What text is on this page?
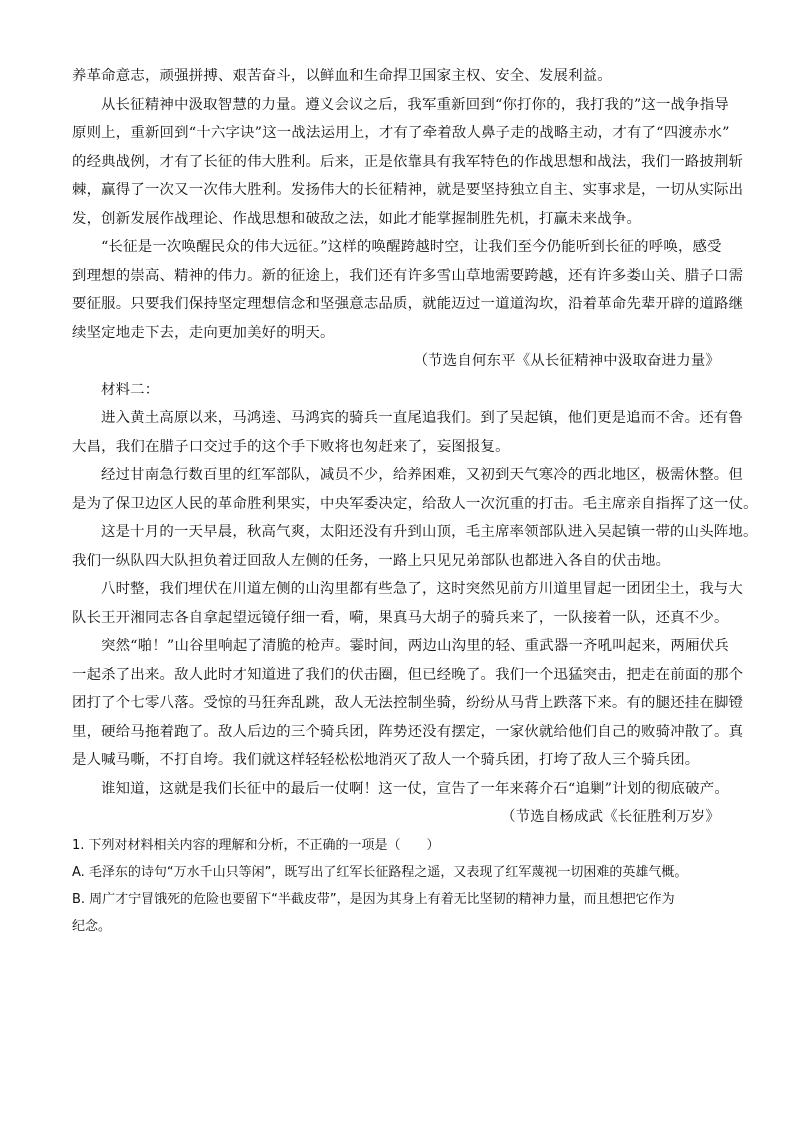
养革命意志，顽强拼搏、艰苦奋斗，以鲜血和生命捍卫国家主权、安全、发展利益。
从长征精神中汲取智慧的力量。遵义会议之后，我军重新回到“你打你的，我打我的”这一战争指导
原则上，重新回到“十六字诀”这一战法运用上，才有了牵着敌人鼻子走的战略主动，才有了“四渡赤水”
的经典战例，才有了长征的伟大胜利。后来，正是依靠具有我军特色的作战思想和战法，我们一路披荆斩
棘，赢得了一次又一次伟大胜利。发扬伟大的长征精神，就是要坚持独立自主、实事求是，一切从实际出
发，创新发展作战理论、作战思想和破敌之法，如此才能掌握制胜先机，打赢未来战争。
“长征是一次唤醒民众的伟大远征。”这样的唤醒跨越时空，让我们至今仍能听到长征的呼唤，感受
到理想的崇高、精神的伟力。新的征途上，我们还有许多雪山草地需要跨越，还有许多娄山关、腊子口需
要征服。只要我们保持坚定理想信念和坚强意志品质，就能迈过一道道沟坎，沿着革命先辈开辟的道路继
续坚定地走下去，走向更加美好的明天。
（节选自何东平《从长征精神中汲取奋进力量》
材料二：
进入黄土高原以来，马鸿逵、马鸿宾的骑兵一直尾追我们。到了吴起镇，他们更是追而不舍。还有鲁
大昌，我们在腊子口交过手的这个手下败将也匆赶来了，妄图报复。
经过甘南急行数百里的红军部队，减员不少，给养困难，又初到天气寒冷的西北地区，极需休整。但
是为了保卫边区人民的革命胜利果实，中央军委决定，给敌人一次沉重的打击。毛主席亲自指挥了这一仗。
这是十月的一天早晨，秋高气爽，太阳还没有升到山顶，毛主席率领部队进入吴起镇一带的山头阵地。
我们一纵队四大队担负着迂回敌人左侧的任务，一路上只见兄弟部队也都进入各自的伏击地。
八时整，我们埋伏在川道左侧的山沟里都有些急了，这时突然见前方川道里冒起一团团尘土，我与大
队长王开湘同志各自拿起望远镜仔细一看，嗬，果真马大胡子的骑兵来了，一队接着一队，还真不少。
突然“啪！”山谷里响起了清脆的枪声。霎时间，两边山沟里的轻、重武器一齐吼叫起来，两厢伏兵
一起杀了出来。敌人此时才知道进了我们的伏击圈，但已经晚了。我们一个迅猛突击，把走在前面的那个
团打了个七零八落。受惊的马狂奔乱跳，敌人无法控制坐骑，纷纷从马背上跌落下来。有的腿还挂在脚镫
里，硬给马拖着跑了。敌人后边的三个骑兵团，阵势还没有摆定，一家伙就给他们自己的败骑冲散了。真
是人喊马嘶，不打自垮。我们就这样轻轻松松地消灭了敌人一个骑兵团，打垮了敌人三个骑兵团。
谁知道，这就是我们长征中的最后一仗啊！这一仗，宣告了一年来蒋介石“追剿”计划的彻底破产。
（节选自杨成武《长征胜利万岁》
1. 下列对材料相关内容的理解和分析，不正确的一项是（　　）
A. 毛泽东的诗句“万水千山只等闲”，既写出了红军长征路程之遥，又表现了红军蔑视一切困难的英雄气概。
B. 周广才宁冒饿死的危险也要留下“半截皮带”，是因为其身上有着无比坚韧的精神力量，而且想把它作为
纪念。
